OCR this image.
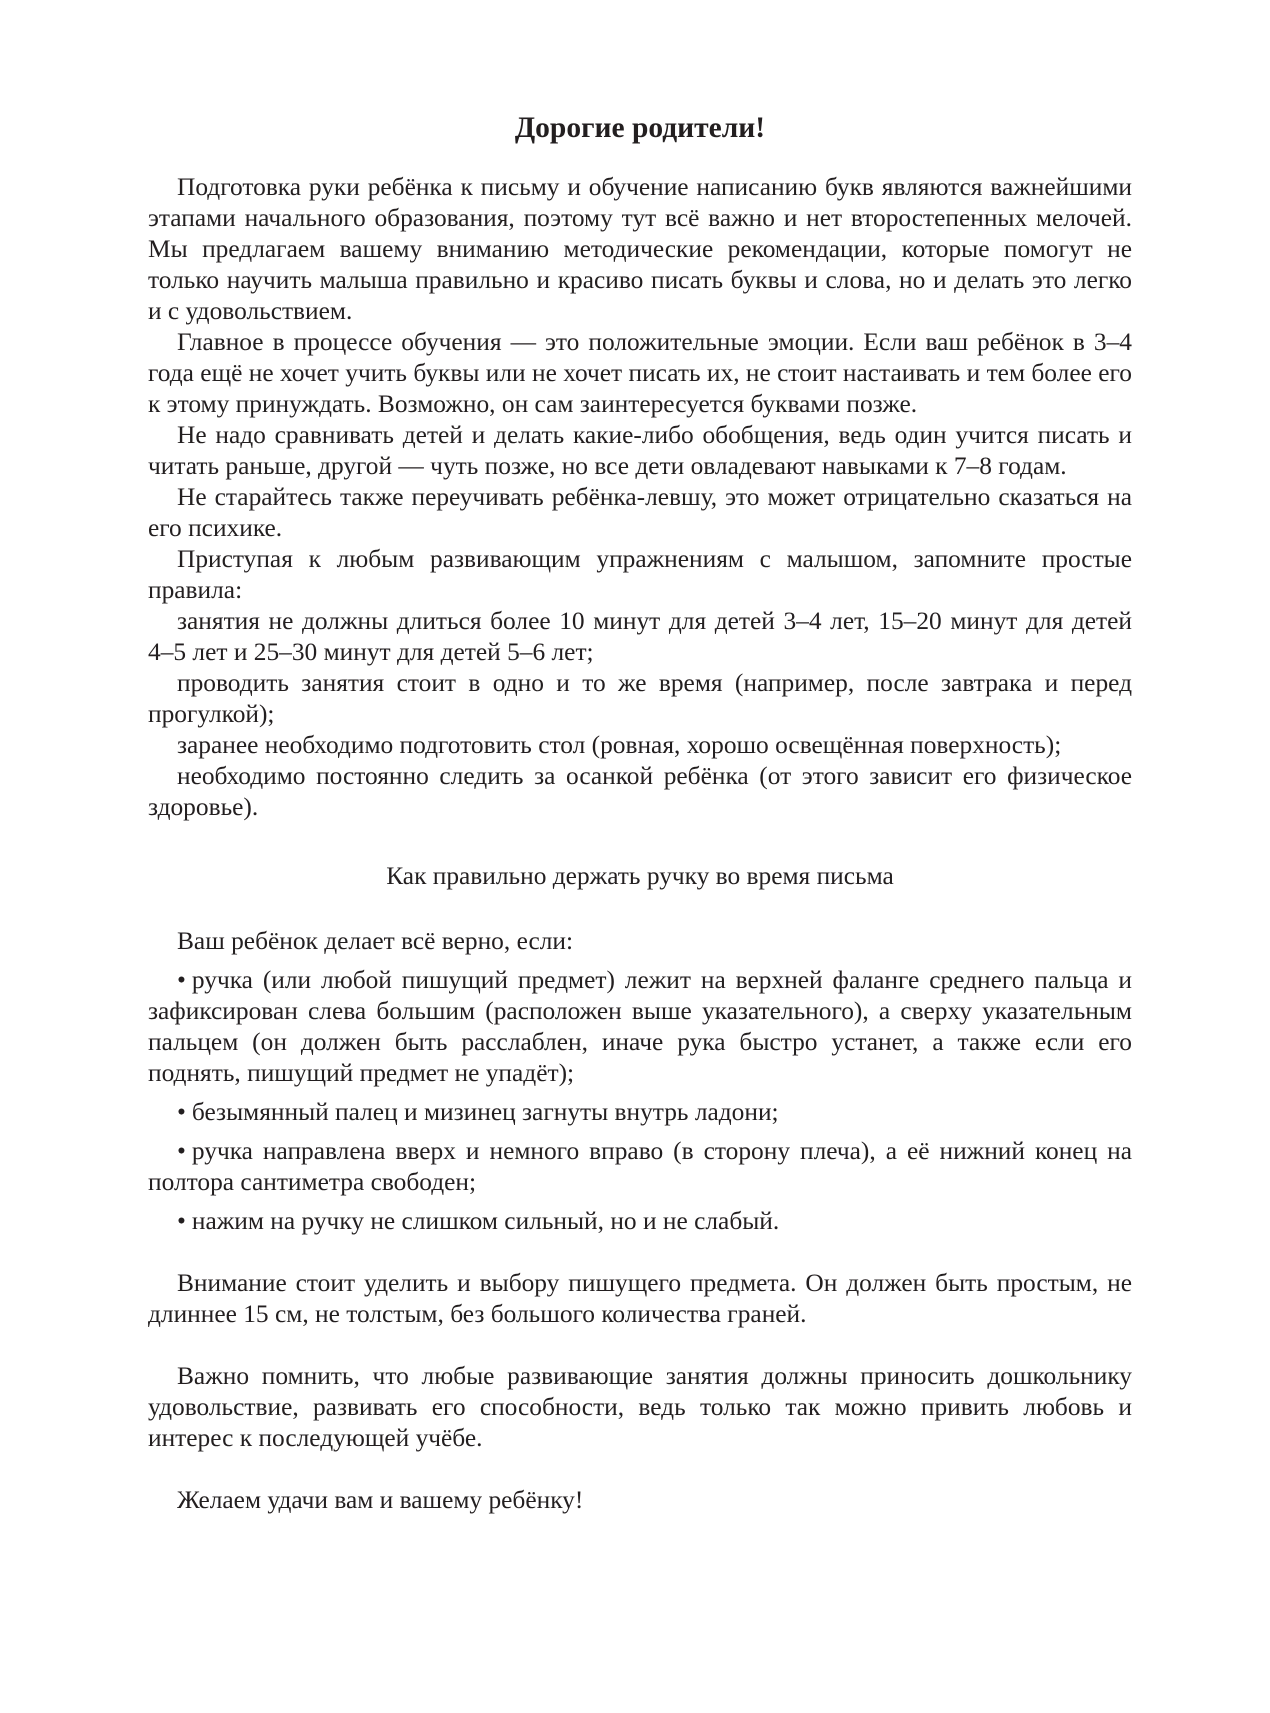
Дорогие родители!

Подготовка руки ребёнка к письму и обучение написанию букв являются важнейшими этапами начального образования, поэтому тут всё важно и нет второстепенных мелочей. Мы предлагаем вашему вниманию методические рекомендации, которые помогут не только научить малыша правильно и красиво писать буквы и слова, но и делать это легко и с удовольствием.

Главное в процессе обучения — это положительные эмоции. Если ваш ребёнок в 3–4 года ещё не хочет учить буквы или не хочет писать их, не стоит настаивать и тем более его к этому принуждать. Возможно, он сам заинтересуется буквами позже.

Не надо сравнивать детей и делать какие-либо обобщения, ведь один учится писать и читать раньше, другой — чуть позже, но все дети овладевают навыками к 7–8 годам.

Не старайтесь также переучивать ребёнка-левшу, это может отрицательно сказаться на его психике.

Приступая к любым развивающим упражнениям с малышом, запомните простые правила:

занятия не должны длиться более 10 минут для детей 3–4 лет, 15–20 минут для детей 4–5 лет и 25–30 минут для детей 5–6 лет;

проводить занятия стоит в одно и то же время (например, после завтрака и перед прогулкой);

заранее необходимо подготовить стол (ровная, хорошо освещённая поверхность);

необходимо постоянно следить за осанкой ребёнка (от этого зависит его физическое здоровье).

Как правильно держать ручку во время письма

Ваш ребёнок делает всё верно, если:

• ручка (или любой пишущий предмет) лежит на верхней фаланге среднего пальца и зафиксирован слева большим (расположен выше указательного), а сверху указательным пальцем (он должен быть расслаблен, иначе рука быстро устанет, а также если его поднять, пишущий предмет не упадёт);
• безымянный палец и мизинец загнуты внутрь ладони;
• ручка направлена вверх и немного вправо (в сторону плеча), а её нижний конец на полтора сантиметра свободен;
• нажим на ручку не слишком сильный, но и не слабый.

Внимание стоит уделить и выбору пишущего предмета. Он должен быть простым, не длиннее 15 см, не толстым, без большого количества граней.

Важно помнить, что любые развивающие занятия должны приносить дошкольнику удовольствие, развивать его способности, ведь только так можно привить любовь и интерес к последующей учёбе.

Желаем удачи вам и вашему ребёнку!
